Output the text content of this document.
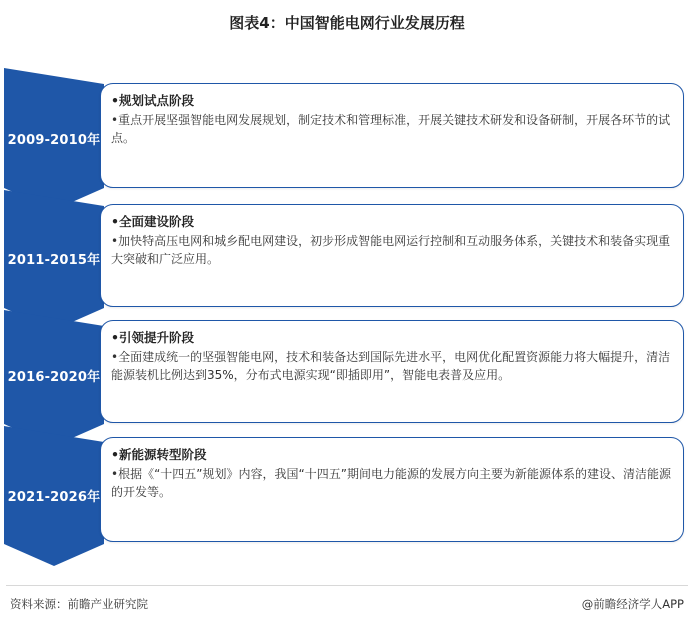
图表4：中国智能电网行业发展历程
2009-2010年
•规划试点阶段
•重点开展坚强智能电网发展规划，制定技术和管理标准，开展关键技术研发和设备研制，开展各环节的试点。
2011-2015年
•全面建设阶段
•加快特高压电网和城乡配电网建设，初步形成智能电网运行控制和互动服务体系，关键技术和装备实现重大突破和广泛应用。
2016-2020年
•引领提升阶段
•全面建成统一的坚强智能电网，技术和装备达到国际先进水平，电网优化配置资源能力将大幅提升，清洁能源装机比例达到35%，分布式电源实现“即插即用”，智能电表普及应用。
2021-2026年
•新能源转型阶段
•根据《“十四五”规划》内容，我国“十四五”期间电力能源的发展方向主要为新能源体系的建设、清洁能源的开发等。
资料来源：前瞻产业研究院	@前瞻经济学人APP
